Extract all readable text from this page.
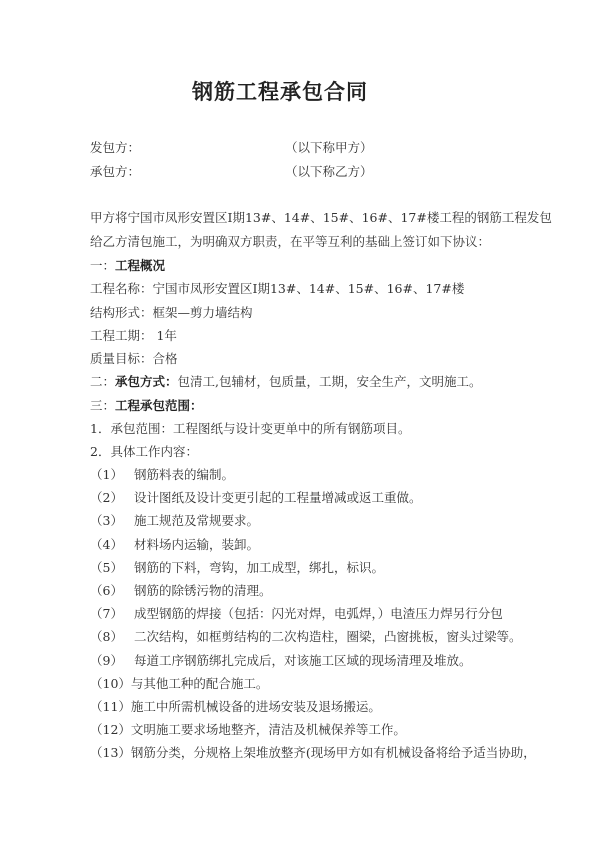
钢筋工程承包合同
发包方：	（以下称甲方）
承包方：	（以下称乙方）
甲方将宁国市凤形安置区Ⅰ期13#、14#、15#、16#、17#楼工程的钢筋工程发包
给乙方清包施工，为明确双方职责，在平等互利的基础上签订如下协议：
一：工程概况
工程名称：宁国市凤形安置区Ⅰ期13#、14#、15#、16#、17#楼
结构形式：框架—剪力墙结构
工程工期： 1年
质量目标：合格
二：承包方式：包清工,包辅材，包质量，工期，安全生产，文明施工。
三：工程承包范围：
1．承包范围：工程图纸与设计变更单中的所有钢筋项目。
2．具体工作内容：
（1） 钢筋料表的编制。
（2） 设计图纸及设计变更引起的工程量增减或返工重做。
（3） 施工规范及常规要求。
（4） 材料场内运输，装卸。
（5） 钢筋的下料，弯钩，加工成型，绑扎，标识。
（6） 钢筋的除锈污物的清理。
（7） 成型钢筋的焊接（包括：闪光对焊，电弧焊，）电渣压力焊另行分包
（8） 二次结构，如框剪结构的二次构造柱，圈梁，凸窗挑板，窗头过梁等。
（9） 每道工序钢筋绑扎完成后，对该施工区域的现场清理及堆放。
（10）与其他工种的配合施工。
（11）施工中所需机械设备的进场安装及退场搬运。
（12）文明施工要求场地整齐，清洁及机械保养等工作。
（13）钢筋分类，分规格上架堆放整齐(现场甲方如有机械设备将给予适当协助，
